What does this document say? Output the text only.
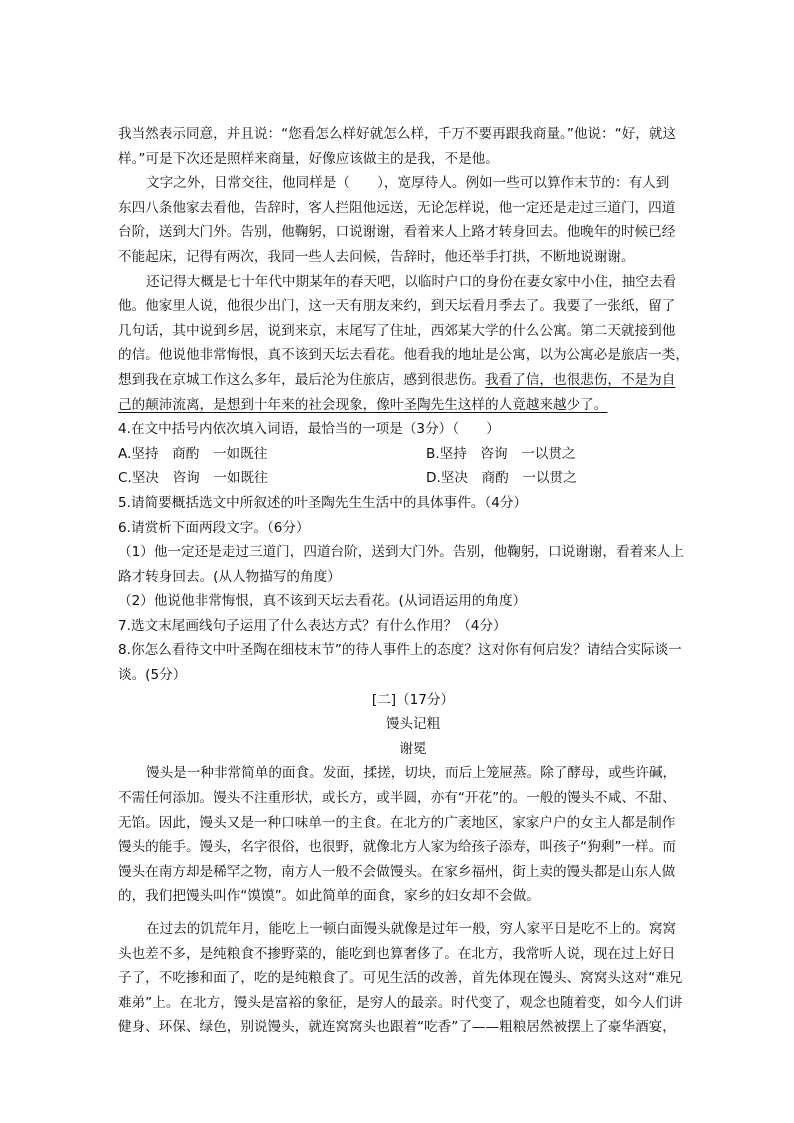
我当然表示同意，并且说：“您看怎么样好就怎么样，千万不要再跟我商量。”他说：“好，就这
样。”可是下次还是照样来商量，好像应该做主的是我，不是他。
文字之外，日常交往，他同样是（　　），宽厚待人。例如一些可以算作末节的：有人到
东四八条他家去看他，告辞时，客人拦阻他远送，无论怎样说，他一定还是走过三道门，四道
台阶，送到大门外。告别，他鞠躬，口说谢谢，看着来人上路才转身回去。他晚年的时候已经
不能起床，记得有两次，我同一些人去问候，告辞时，他还举手打拱，不断地说谢谢。
还记得大概是七十年代中期某年的春天吧，以临时户口的身份在妻女家中小住，抽空去看
他。他家里人说，他很少出门，这一天有朋友来约，到天坛看月季去了。我要了一张纸，留了
几句话，其中说到乡居，说到来京，末尾写了住址，西郊某大学的什么公寓。第二天就接到他
的信。他说他非常悔恨，真不该到天坛去看花。他看我的地址是公寓，以为公寓必是旅店一类，
想到我在京城工作这么多年，最后沦为住旅店，感到很悲伤。我看了信，也很悲伤，不是为自
己的颠沛流离，是想到十年来的社会现象，像叶圣陶先生这样的人竟越来越少了。
4.在文中括号内依次填入词语，最恰当的一项是（3分）（　　）
A.坚持　商酌　一如既往	B.坚持　咨询　一以贯之
C.坚决　咨询　一如既往	D.坚决　商酌　一以贯之
5.请简要概括选文中所叙述的叶圣陶先生生活中的具体事件。（4分）
6.请赏析下面两段文字。（6分）
（1）他一定还是走过三道门，四道台阶，送到大门外。告别，他鞠躬，口说谢谢，看着来人上
路才转身回去。(从人物描写的角度）
（2）他说他非常悔恨，真不该到天坛去看花。(从词语运用的角度）
7.选文末尾画线句子运用了什么表达方式？有什么作用？（4分）
8.你怎么看待文中叶圣陶在细枝末节”的待人事件上的态度？这对你有何启发？请结合实际谈一
谈。(5分）
[二]（17分）
馒头记粗
谢冕
馒头是一种非常简单的面食。发面，揉搓，切块，而后上笼屉蒸。除了酵母，或些许碱，
不需任何添加。馒头不注重形状，或长方，或半圆，亦有“开花”的。一般的馒头不咸、不甜、
无馅。因此，馒头又是一种口味单一的主食。在北方的广袤地区，家家户户的女主人都是制作
馒头的能手。馒头，名字很俗，也很野，就像北方人家为给孩子添寿，叫孩子“狗剩”一样。而
馒头在南方却是稀罕之物，南方人一般不会做馒头。在家乡福州，街上卖的馒头都是山东人做
的，我们把馒头叫作“馍馍”。如此简单的面食，家乡的妇女却不会做。
在过去的饥荒年月，能吃上一顿白面馒头就像是过年一般，穷人家平日是吃不上的。窝窝
头也差不多，是纯粮食不掺野菜的，能吃到也算奢侈了。在北方，我常听人说，现在过上好日
子了，不吃掺和面了，吃的是纯粮食了。可见生活的改善，首先体现在馒头、窝窝头这对“难兄
难弟”上。在北方，馒头是富裕的象征，是穷人的最亲。时代变了，观念也随着变，如今人们讲
健身、环保、绿色，别说馒头，就连窝窝头也跟着“吃香”了——粗粮居然被摆上了豪华酒宴，
